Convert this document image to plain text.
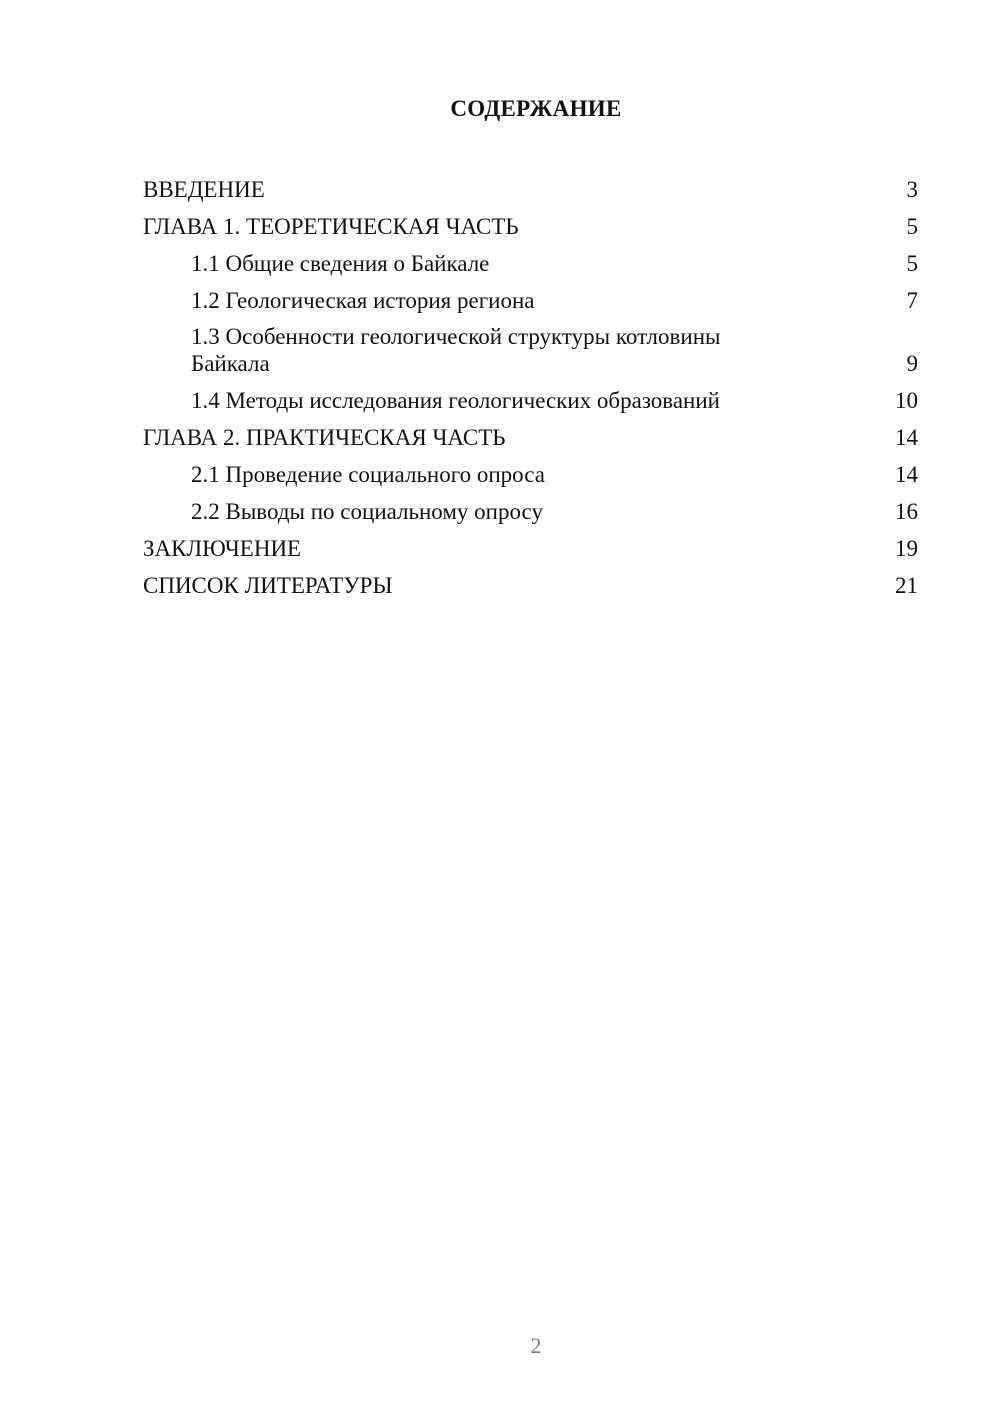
СОДЕРЖАНИЕ
ВВЕДЕНИЕ	3
ГЛАВА 1. ТЕОРЕТИЧЕСКАЯ ЧАСТЬ	5
1.1 Общие сведения о Байкале	5
1.2 Геологическая история региона	7
1.3 Особенности геологической структуры котловины Байкала	9
1.4 Методы исследования геологических образований	10
ГЛАВА 2. ПРАКТИЧЕСКАЯ ЧАСТЬ	14
2.1 Проведение социального опроса	14
2.2 Выводы по социальному опросу	16
ЗАКЛЮЧЕНИЕ	19
СПИСОК ЛИТЕРАТУРЫ	21
2
